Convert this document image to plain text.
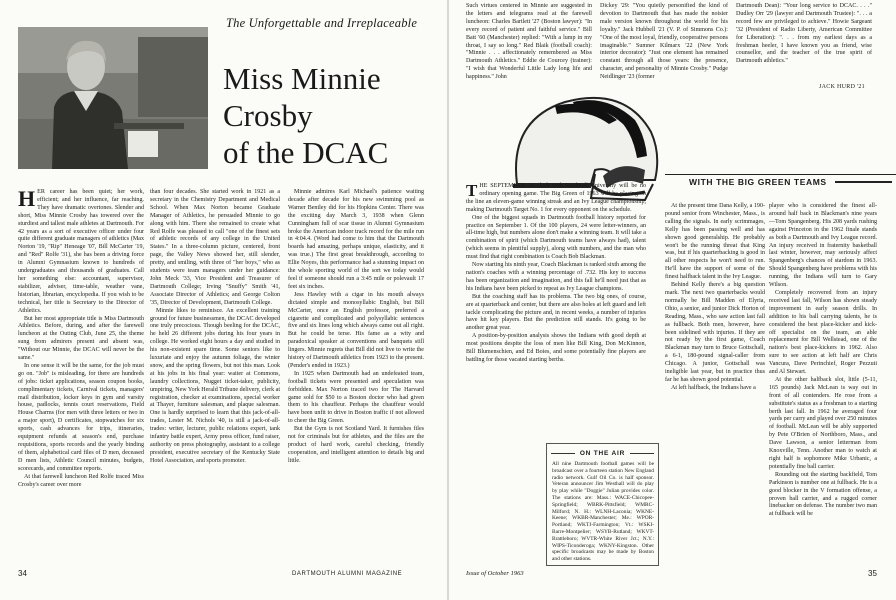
The Unforgettable and Irreplaceable
Miss Minnie Crosby
of the DCAC

HER career has been quiet; her work, efficient; and her influence, far reaching. They have dramatic overtones. Slender and short, Miss Minnie Crosby has towered over the sturdiest and tallest male athletes at Dartmouth. For 42 years as a sort of executive officer under four quite different graduate managers of athletics (Max Norton '19, "Rip" Heneage '07, Bill McCarter '19, and "Red" Rolfe '31), she has been a driving force in Alumni Gymnasium known to hundreds of undergraduates and thousands of graduates. Call her something else: accountant, supervisor, stabilizer, adviser, time-table, weather vane, historian, librarian, encyclopedia. If you wish to be technical, her title is Secretary to the Director of Athletics.

But her most appropriate title is Miss Dartmouth Athletics. Before, during, and after the farewell luncheon at the Outing Club, June 25, the theme sung from admirers present and absent was, "Without our Minnie, the DCAC will never be the same."

In one sense it will be the same, for the job must go on. "Job" is misleading, for there are hundreds of jobs: ticket applications, season coupon books, complimentary tickets, Carnival tickets, managers' mail distribution, locker keys in gym and varsity house, padlocks, tennis court reservations, Field House Charms (for men with three letters or two in a major sport), D certificates, stopwatches for six sports, cash advances for trips, itineraries, equipment refunds at season's end, purchase requisitions, sports records and the yearly binding of them, alphabetical card files of D men, deceased D men lists, Athletic Council minutes, budgets, scorecards, and committee reports.

At that farewell luncheon Red Rolfe traced Miss Crosby's career over more

than four decades. She started work in 1921 as a secretary in the Chemistry Department and Medical School. When Max Norton became Graduate Manager of Athletics, he persuaded Minnie to go along with him. There she remained to create what Red Rolfe was pleased to call "one of the finest sets of athletic records of any college in the United States." In a three-column picture, centered, front page, the Valley News showed her, still slender, pretty, and smiling, with three of "her boys," who as students were team managers under her guidance: John Meck '33, Vice President and Treasurer of Dartmouth College; Irving "Snuffy" Smith '41, Associate Director of Athletics; and George Colton '35, Director of Development, Dartmouth College.

Minnie likes to reminisce. An excellent training ground for future businessmen, the DCAC developed one truly precocious. Though beeling for the DCAC, he held 26 different jobs during his four years in college. He worked eight hours a day and studied in his non-existent spare time. Some seniors like to luxuriate and enjoy the autumn foliage, the winter snow, and the spring flowers, but not this man. Look at his jobs in his final year: waiter at Commons, laundry collections, Nugget ticket-taker, publicity, umpiring, New York Herald Tribune delivery, clerk at registration, checker at examinations, special worker at Thayer, furniture salesman, and plaque salesman. One is hardly surprised to learn that this jack-of-all-trades, Lester M. Nichols '40, is still a jack-of-all-trades: writer, lecturer, public relations expert, tank infantry battle expert, Army press officer, fund raiser, authority on press photography, assistant to a college president, executive secretary of the Kentucky State Hotel Association, and sports promoter.

Minnie admires Karl Michael's patience waiting decade after decade for his new swimming pool as Warner Bentley did for his Hopkins Center. There was the exciting day March 3, 1938 when Glenn Cunningham full of scar tissue in Alumni Gymnasium broke the American indoor track record for the mile run in 4:04.4. (Word had come to him that the Dartmouth boards had amazing, perhaps unique, elasticity, and it was true.) The first great breakthrough, according to Ellie Noyes, this performance had a stunning impact on the whole sporting world of the sort we today would feel if someone should run a 3:45 mile or polevault 17 feet six inches.

Jess Hawley with a cigar in his mouth always dictated simple and monosyllabic English, but Bill McCarter, once an English professor, preferred a cigarette and complicated and polysyllabic sentences five and six lines long which always came out all right. But he could be terse. His fame as a wity and paradoxical speaker at conventions and banquets still lingers. Minnie regrets that Bill did not live to write the history of Dartmouth athletics from 1923 to the present. (Pender's ended in 1923.)

In 1925 when Dartmouth had an undefeated team, football tickets were presented and speculation was forbidden. Max Norton traced two for The Harvard game sold for $50 to a Boston doctor who had given them to his chauffeur. Perhaps the chauffeur would have been unfit to drive in Boston traffic if not allowed to cheer the Big Green.

But the Gym is not Scotland Yard. It furnishes files not for criminals but for athletes, and the files are the product of hard work, careful checking, friendly cooperation, and intelligent attention to details big and little.

34	DARTMOUTH ALUMNI MAGAZINE

Such virtues centered in Minnie are suggested in the letters and telegrams read at the farewell luncheon: Charles Bartlett '27 (Boston lawyer): "In every record of patient and faithful service." Bill Batt '60 (Manchester) replied: "With a lump in my throat, I say so long." Red Blaik (football coach): "Minnie . . . affectionately remembered as Miss Dartmouth Athletics." Eddie de Courcey (trainer): "I wish that Wonderful Little Lady long life and happiness." John

Dickey '29: "You quietly personified the kind of devotion to Dartmouth that has made the noisier male version known throughout the world for his loyalty." Jack Hubbell '21 (V. P. of Simmons Co.): "One of the most loyal, friendly, cooperative persons imaginable." Sumner Kilmarx '22 (New York interior decorator): "Just one element has remained constant through all those years: the presence, character, and personality of Minnie Crosby." Pudge Neidlinger '23 (former

Dartmouth Dean): "Your long service to DCAC. . . ." Dudley Orr '29 (lawyer and Dartmouth Trustee): ". . . a record few are privileged to achieve." Howie Sargeant '32 (President of Radio Liberty, American Committee for Liberation): ". . . from my earliest days as a freshman heeler, I have known you as friend, wise counsellor, and the teacher of the true spirit of Dartmouth athletics."

JACK HURD '21
WITH THE BIG GREEN TEAMS

THE SEPTEMBER 28 clash with Bucknell University will be no ordinary opening game. The Big Green of 1963 will be placing on the line an eleven-game winning streak and an Ivy League championship, making Dartmouth Target No. 1 for every opponent on the schedule.

One of the biggest squads in Dartmouth football history reported for practice on September 1. Of the 100 players, 24 were letter-winners, an all-time high, but numbers alone don't make a winning team. It will take a combination of spirit (which Dartmouth teams have always had), talent (which seems in plentiful supply), along with numbers, and the man who must find that right combination is Coach Bob Blackman.

Now starting his ninth year, Coach Blackman is ranked sixth among the nation's coaches with a winning percentage of .732. His key to success has been organization and imagination, and this fall he'll need just that as his Indians have been picked to repeat as Ivy League champions.

But the coaching staff has its problems. The two big ones, of course, are at quarterback and center, but there are also holes at left guard and left tackle complicating the picture and, in recent weeks, a number of injuries have hit key players. But the prediction still stands. It's going to be another great year.

A position-by-position analysis shows the Indians with good depth at most positions despite the loss of men like Bill King, Don McKinnon, Bill Blumenschien, and Ed Boies, and some potentially fine players are battling for those vacated starting berths.

ON THE AIR
All nine Dartmouth football games will be broadcast over a fourteen station New England radio network. Gulf Oil Co. is half sponsor. Veteran announcer Jim Westhall will do play by play while "Doggie" Julian provides color. The stations are: Mass.: WACE-Chicopee-Springfield; WBRK-Pittsfield; WMRC-Milford; N. H.: WLNH-Laconia; WKNE-Keene; WKBR-Manchester; Me.: WPOR-Portland; WKTJ-Farmington; Vt.: WSKI-Barre-Montpelier; WSYB-Rutland; WKVT-Brattleboro; WVTR-White River Jct.; N.Y.: WIPS-Ticonderoga; WKNY-Kingston. Other specific broadcasts may be made by Boston and other stations.

At the present time Dana Kelly, a 190-pound senior from Winchester, Mass., is calling the signals. In early scrimmages, Kelly has been passing well and has shown good generalship. He probably won't be the running threat that King was, but if his quarterbacking is good in all other respects he won't need to run. He'll have the support of some of the finest halfback talent in the Ivy League.

Behind Kelly there's a big question mark. The next two quarterbacks would normally be Bill Madden of Elyria, Ohio, a senior, and junior Dick Horton of Reading, Mass., who saw action last fall as fullback. Both men, however, have been sidelined with injuries. If they are not ready by the first game, Coach Blackman may turn to Bruce Gottschall, a 6-1, 180-pound signal-caller from Chicago. A junior, Gottschall was ineligible last year, but in practice thus far he has shown good potential.

At left halfback, the Indians have a

player who is considered the finest all-around half back in Blackman's nine years—Tom Spangenberg. His 208 yards rushing against Princeton in the 1962 finale stands as both a Dartmouth and Ivy League record. An injury received in fraternity basketball last winter, however, may seriously affect Spangenberg's chances of stardom in 1963. Should Spangenberg have problems with his running, the Indians will turn to Gary Wilson.

Completely recovered from an injury received last fall, Wilson has shown steady improvement in early season drills. In addition to his ball carrying talents, he is considered the best place-kicker and kick-off specialist on the team, an able replacement for Bill Wellstead, one of the nation's best place-kickers in 1962. Also sure to see action at left half are Chris Vancura, Dave Perinchief, Roger Pezzuti and Al Stewart.

At the other halfback slot, little (5-11, 165 pounds) Jack McLean is way out in front of all contenders. He rose from a substitute's status as a freshman to a starting berth last fall. In 1962 he averaged four yards per carry and played over 250 minutes of football. McLean will be ably supported by Pete O'Brien of Northboro, Mass., and Dave Lawson, a senior letterman from Knoxville, Tenn. Another man to watch at right half is sophomore Mike Urbanic, a potentially fine ball carrier.

Rounding out the starting backfield, Tom Parkinson is number one at fullback. He is a good blocker in the V formation offense, a proven ball carrier, and a rugged corner linebacker on defense. The number two man at fullback will be

Issue of October 1963	35
